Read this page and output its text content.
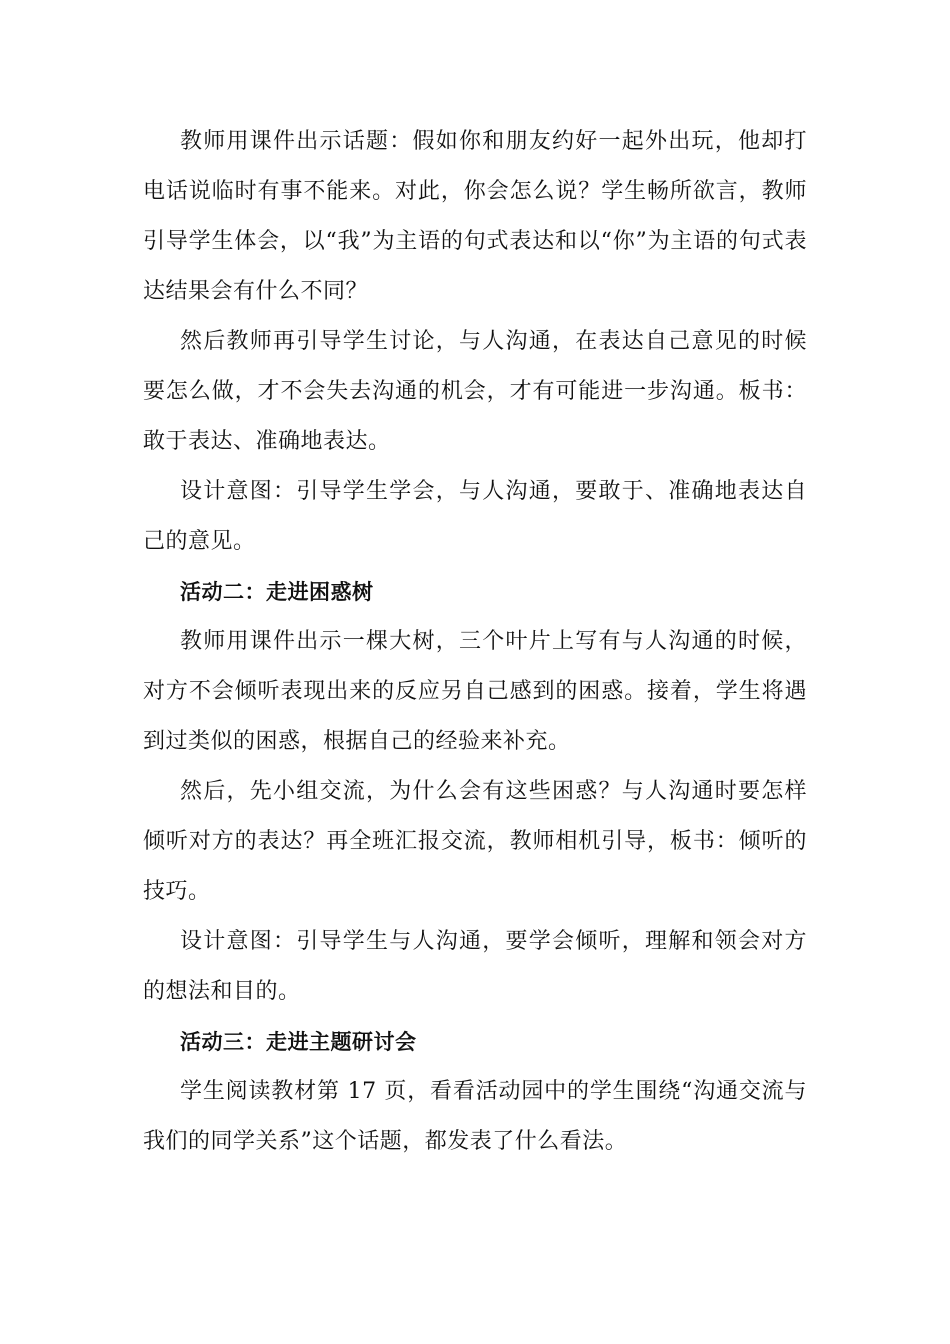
教师用课件出示话题：假如你和朋友约好一起外出玩，他却打电话说临时有事不能来。对此，你会怎么说？学生畅所欲言，教师引导学生体会，以“我”为主语的句式表达和以“你”为主语的句式表达结果会有什么不同？

然后教师再引导学生讨论，与人沟通，在表达自己意见的时候要怎么做，才不会失去沟通的机会，才有可能进一步沟通。板书：敢于表达、准确地表达。

设计意图：引导学生学会，与人沟通，要敢于、准确地表达自己的意见。

活动二：走进困惑树

教师用课件出示一棵大树，三个叶片上写有与人沟通的时候，对方不会倾听表现出来的反应另自己感到的困惑。接着，学生将遇到过类似的困惑，根据自己的经验来补充。

然后，先小组交流，为什么会有这些困惑？与人沟通时要怎样倾听对方的表达？再全班汇报交流，教师相机引导，板书：倾听的技巧。

设计意图：引导学生与人沟通，要学会倾听，理解和领会对方的想法和目的。

活动三：走进主题研讨会

学生阅读教材第 17 页，看看活动园中的学生围绕“沟通交流与我们的同学关系”这个话题，都发表了什么看法。
